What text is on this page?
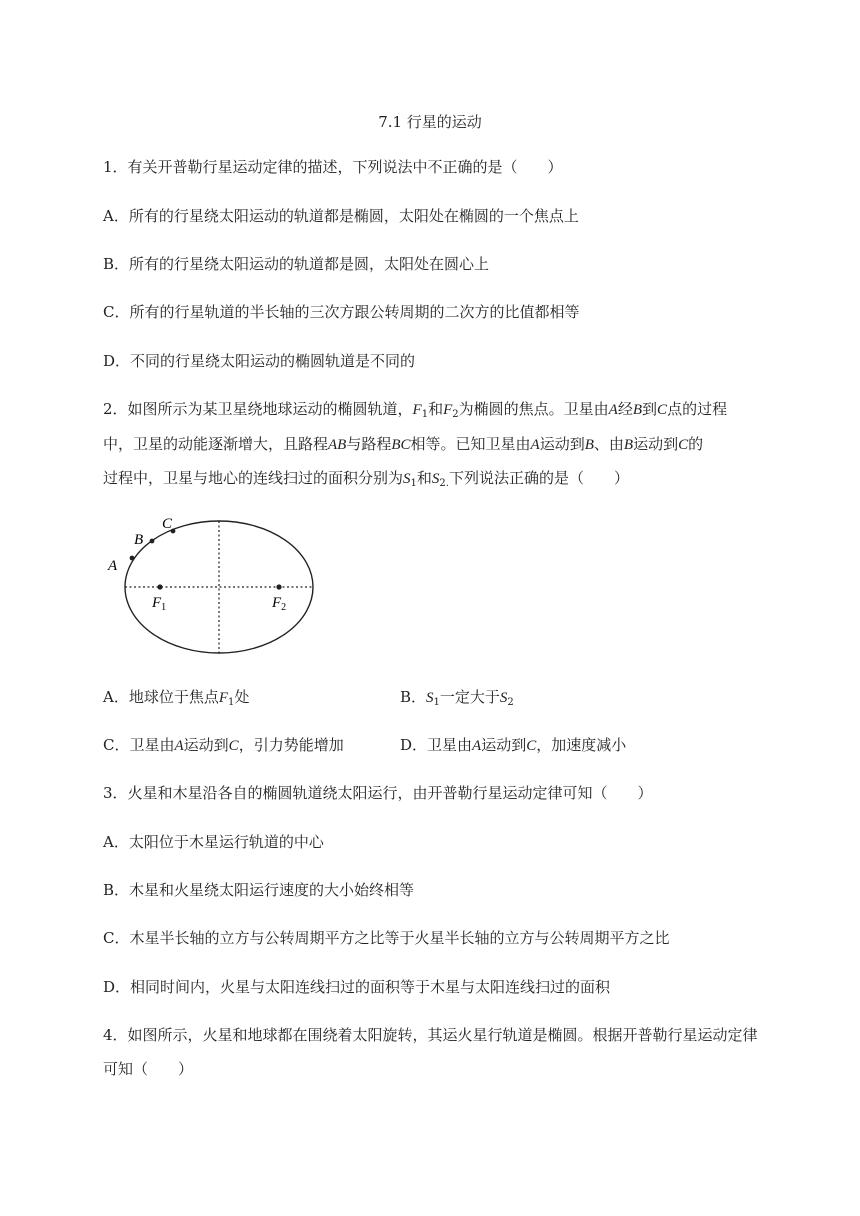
7.1 行星的运动
1．有关开普勒行星运动定律的描述，下列说法中不正确的是（　　）
A．所有的行星绕太阳运动的轨道都是椭圆，太阳处在椭圆的一个焦点上
B．所有的行星绕太阳运动的轨道都是圆，太阳处在圆心上
C．所有的行星轨道的半长轴的三次方跟公转周期的二次方的比值都相等
D．不同的行星绕太阳运动的椭圆轨道是不同的
2．如图所示为某卫星绕地球运动的椭圆轨道，$F_1$和$F_2$为椭圆的焦点。卫星由A经B到C点的过程
中，卫星的动能逐渐增大，且路程AB与路程BC相等。已知卫星由A运动到B、由B运动到C的
过程中，卫星与地心的连线扫过的面积分别为$S_1$和$S_{2.}$下列说法正确的是（　　）
A
B
C
$F_1$	$F_2$
A．地球位于焦点$F_1$处	B．$S_1$一定大于$S_2$
C．卫星由A运动到C，引力势能增加	D．卫星由A运动到C，加速度减小
3．火星和木星沿各自的椭圆轨道绕太阳运行，由开普勒行星运动定律可知（　　）
A．太阳位于木星运行轨道的中心
B．木星和火星绕太阳运行速度的大小始终相等
C．木星半长轴的立方与公转周期平方之比等于火星半长轴的立方与公转周期平方之比
D．相同时间内，火星与太阳连线扫过的面积等于木星与太阳连线扫过的面积
4．如图所示，火星和地球都在围绕着太阳旋转，其运火星行轨道是椭圆。根据开普勒行星运动定律
可知（　　）
